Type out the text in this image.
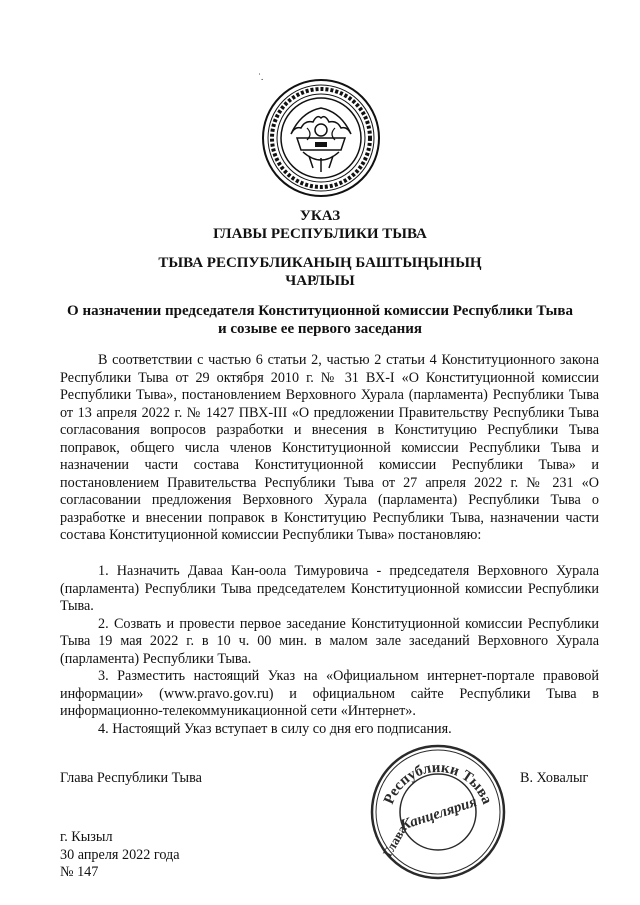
˙.
УКАЗ
ГЛАВЫ РЕСПУБЛИКИ ТЫВА
ТЫВА РЕСПУБЛИКАНЫҢ БАШТЫҢЫНЫҢ
ЧАРЛЫЫ
О назначении председателя Конституционной комиссии Республики Тыва
и созыве ее первого заседания

В соответствии с частью 6 статьи 2, частью 2 статьи 4 Конституционного закона Республики Тыва от 29 октября 2010 г. № 31 ВХ-I «О Конституционной комиссии Республики Тыва», постановлением Верховного Хурала (парламента) Республики Тыва от 13 апреля 2022 г. № 1427 ПВХ-III «О предложении Правительству Республики Тыва согласования вопросов разработки и внесения в Конституцию Республики Тыва поправок, общего числа членов Конституционной комиссии Республики Тыва и назначении части состава Конституционной комиссии Республики Тыва» и постановлением Правительства Республики Тыва от 27 апреля 2022 г. № 231 «О согласовании предложения Верховного Хурала (парламента) Республики Тыва о разработке и внесении поправок в Конституцию Республики Тыва, назначении части состава Конституционной комиссии Республики Тыва» постановляю:

1. Назначить Даваа Кан-оола Тимуровича - председателя Верховного Хурала (парламента) Республики Тыва председателем Конституционной комиссии Республики Тыва.

2. Созвать и провести первое заседание Конституционной комиссии Республики Тыва 19 мая 2022 г. в 10 ч. 00 мин. в малом зале заседаний Верховного Хурала (парламента) Республики Тыва.

3. Разместить настоящий Указ на «Официальном интернет-портале правовой информации» (www.pravo.gov.ru) и официальном сайте Республики Тыва в информационно-телекоммуникационной сети «Интернет».

4. Настоящий Указ вступает в силу со дня его подписания.

Глава Республики Тыва	В. Ховалыг
Республики Тыва
Канцелярия
Глава
г. Кызыл
30 апреля 2022 года
№ 147
